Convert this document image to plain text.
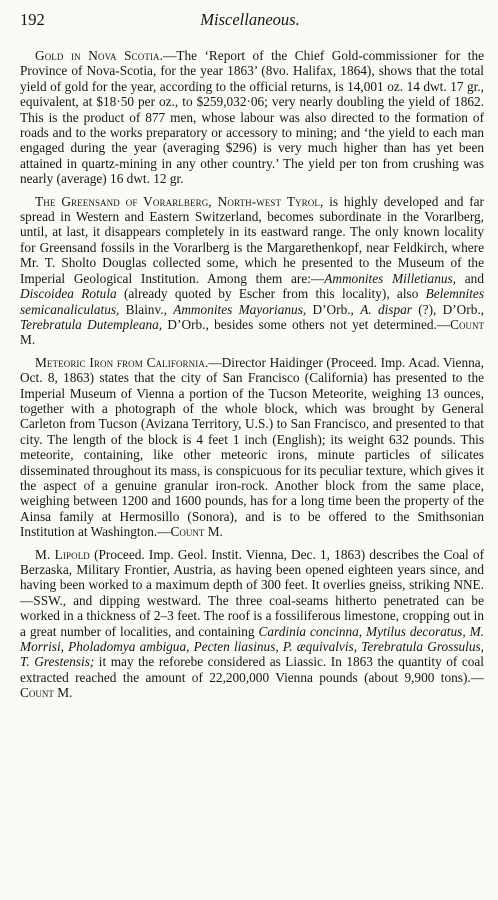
192	Miscellaneous.

Gold in Nova Scotia.—The ‘Report of the Chief Gold-commissioner for the Province of Nova-Scotia, for the year 1863’ (8vo. Halifax, 1864), shows that the total yield of gold for the year, according to the official returns, is 14,001 oz. 14 dwt. 17 gr., equivalent, at $18·50 per oz., to $259,032·06; very nearly doubling the yield of 1862. This is the product of 877 men, whose labour was also directed to the formation of roads and to the works preparatory or accessory to mining; and ‘the yield to each man engaged during the year (averaging $296) is very much higher than has yet been attained in quartz-mining in any other country.’ The yield per ton from crushing was nearly (average) 16 dwt. 12 gr.

The Greensand of Vorarlberg, North-west Tyrol, is highly developed and far spread in Western and Eastern Switzerland, becomes subordinate in the Vorarlberg, until, at last, it disappears completely in its eastward range. The only known locality for Greensand fossils in the Vorarlberg is the Margarethenkopf, near Feldkirch, where Mr. T. Sholto Douglas collected some, which he presented to the Museum of the Imperial Geological Institution. Among them are:—Ammonites Milletianus, and Discoidea Rotula (already quoted by Escher from this locality), also Belemnites semicanaliculatus, Blainv., Ammonites Mayorianus, D’Orb., A. dispar (?), D’Orb., Terebratula Dutempleana, D’Orb., besides some others not yet determined.—Count M.

Meteoric Iron from California.—Director Haidinger (Proceed. Imp. Acad. Vienna, Oct. 8, 1863) states that the city of San Francisco (California) has presented to the Imperial Museum of Vienna a portion of the Tucson Meteorite, weighing 13 ounces, together with a photograph of the whole block, which was brought by General Carleton from Tucson (Avizana Territory, U.S.) to San Francisco, and presented to that city. The length of the block is 4 feet 1 inch (English); its weight 632 pounds. This meteorite, containing, like other meteoric irons, minute particles of silicates disseminated throughout its mass, is conspicuous for its peculiar texture, which gives it the aspect of a genuine granular iron-rock. Another block from the same place, weighing between 1200 and 1600 pounds, has for a long time been the property of the Ainsa family at Hermosillo (Sonora), and is to be offered to the Smithsonian Institution at Washington.—Count M.

M. Lipold (Proceed. Imp. Geol. Instit. Vienna, Dec. 1, 1863) describes the Coal of Berzaska, Military Frontier, Austria, as having been opened eighteen years since, and having been worked to a maximum depth of 300 feet. It overlies gneiss, striking NNE.—SSW., and dipping westward. The three coal-seams hitherto penetrated can be worked in a thickness of 2–3 feet. The roof is a fossiliferous limestone, cropping out in a great number of localities, and containing Cardinia concinna, Mytilus decoratus, M. Morrisi, Pholadomya ambigua, Pecten liasinus, P. æquivalvis, Terebratula Grossulus, T. Grestensis; it may the reforebe considered as Liassic. In 1863 the quantity of coal extracted reached the amount of 22,200,000 Vienna pounds (about 9,900 tons).—Count M.
